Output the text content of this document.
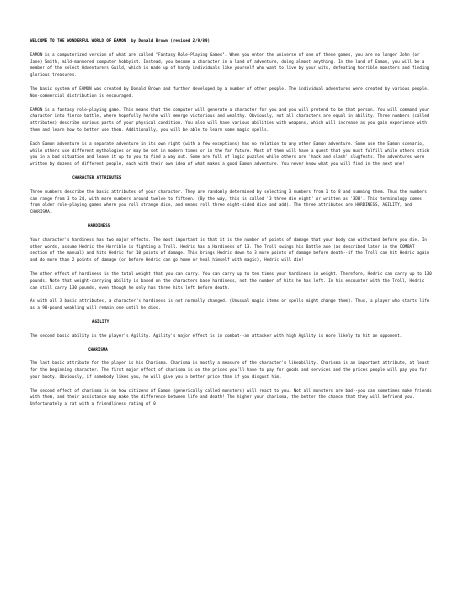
WELCOME TO THE WONDERFUL WORLD OF EAMON  by Donald Brown (revised 2/9/89)

EAMON is a computerized version of what are called "Fantasy Role-Playing Games". When you enter the universe of one of these games, you are no longer John (or Jane) Smith, mild-mannered computer hobbyist. Instead, you become a character in a land of adventure, doing almost anything. In the land of Eamon, you will be a member of the select Adventurers Guild, which is made up of hardy individuals like yourself who want to live by your wits, defeating horrible monsters and finding glorious treasures.

The basic system of EAMON was created by Donald Brown and further developed by a number of other people. The individual adventures were created by various people. Non-commercial distribution is encouraged.

EAMON is a fantasy role-playing game. This means that the computer will generate a character for you and you will pretend to be that person. You will command your character into fierce battle, where hopefully he/she will emerge victorious and wealthy. Obviously, not all characters are equal in ability. Three numbers (called attributes) describe various parts of your physical condition. You also will have various abilities with weapons, which will increase as you gain experience with them and learn how to better use them. Additionally, you will be able to learn some magic spells.

Each Eamon adventure is a separate adventure in its own right (with a few exceptions) has no relation to any other Eamon adventure. Some use the Eamon scenario, while others use different mythologies or may be set in modern times or in the far future. Most of them will have a quest that you must fulfill while others stick you in a bad situation and leave it up to you to find a way out. Some are full of logic puzzles while others are 'hack and slash' slugfests. The adventures were written by dozens of different people, each with their own idea of what makes a good Eamon adventure. You never know what you will find in the next one!

CHARACTER ATTRIBUTES

Three numbers describe the basic attributes of your character. They are randomly determined by selecting 3 numbers from 1 to 8 and summing them. Thus the numbers can range from 3 to 24, with more numbers around twelve to fifteen. (By the way, this is called '3 three die eight' or written as '3D8'. This terminology comes from older role-playing games where you roll strange dice, and means roll three eight-sided dice and add). The three attributes are HARDINESS, AGILITY, and CHARISMA.

HARDINESS

Your character's hardiness has two major effects. The most important is that it is the number of points of damage that your body can withstand before you die. In other words, assume Hedric the Horrible is fighting a Troll. Hedric has a Hardiness of 13. The Troll swings his Battle axe (as described later in the COMBAT section of the manual) and hits Hedric for 10 points of damage. This brings Hedric down to 3 more points of damage before death--if the Troll can hit Hedric again and do more than 2 points of damage (or before Hedric can go home or heal himself with magic), Hedric will die!

The other effect of hardiness is the total weight that you can carry. You can carry up to ten times your hardiness in weight. Therefore, Hedric can carry up to 130 pounds. Note that weight-carrying ability is based on the characters base hardiness, not the number of hits he has left. In his encounter with the Troll, Hedric can still carry 130 pounds, even though he only has three hits left before death.

As with all 3 basic attributes, a character's hardiness is not normally changed. (Unusual magic items or spells might change them). Thus, a player who starts life as a 98-pound weakling will remain one until he dies.

AGILITY

The second basic ability is the player's Agility. Agility's major effect is in combat--an attacker with high Agility is more likely to hit an opponent.

CHARISMA

The last basic attribute for the player is his Charisma. Charisma is mostly a measure of the character's likeability. Charisma is an important attribute, at least for the beginning character. The first major effect of charisma is on the prices you'll have to pay for goods and services and the prices people will pay you for your booty. Obviously, if somebody likes you, he will give you a better price than if you disgust him.

The second effect of charisma is on how citizens of Eamon (generically called monsters) will react to you. Not all monsters are bad--you can sometimes make friends with them, and their assistance may make the difference between life and death! The higher your charisma, the better the chance that they will befriend you. Unfortunately a rat with a friendliness rating of 0
